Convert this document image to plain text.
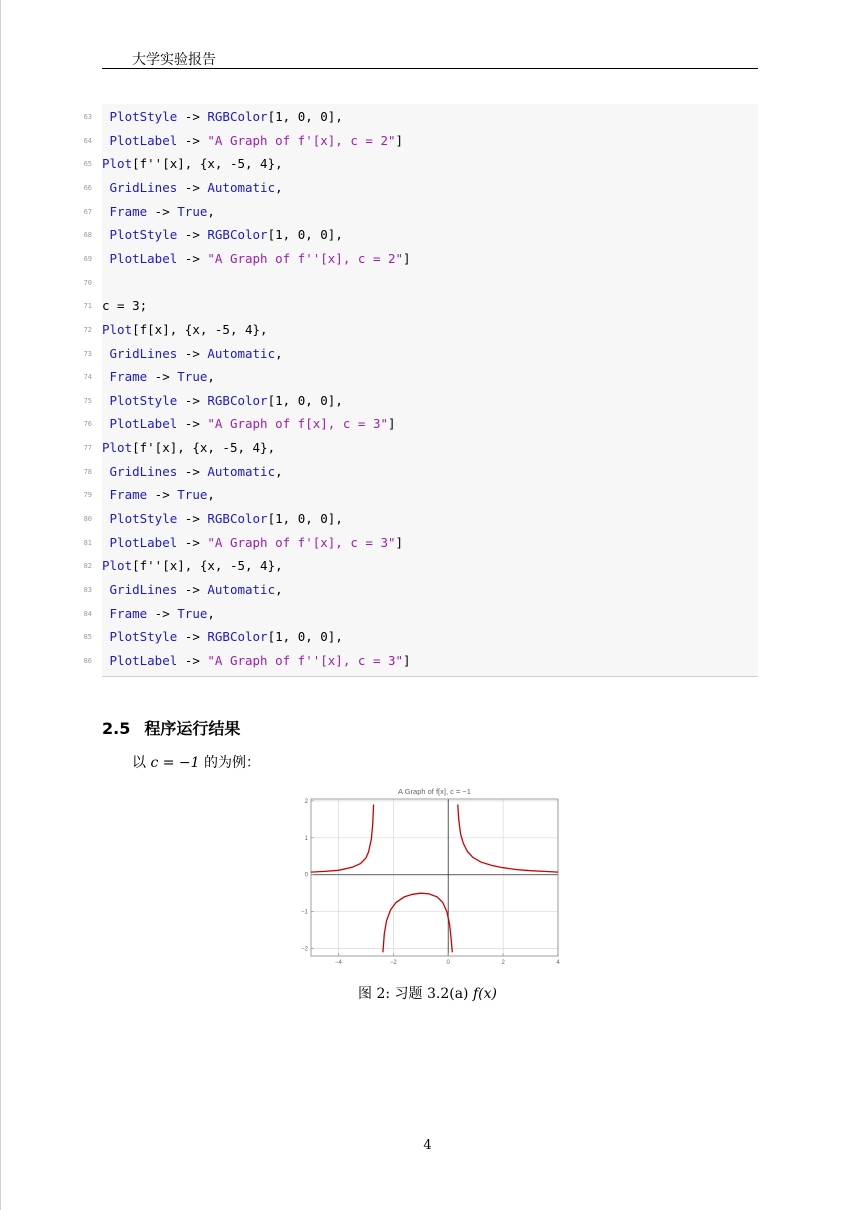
大学实验报告
63 PlotStyle -> RGBColor[1, 0, 0],
64 PlotLabel -> "A Graph of f'[x], c = 2"]
65 Plot[f''[x], {x, -5, 4},
66 GridLines -> Automatic,
67 Frame -> True,
68 PlotStyle -> RGBColor[1, 0, 0],
69 PlotLabel -> "A Graph of f''[x], c = 2"]
70
71 c = 3;
72 Plot[f[x], {x, -5, 4},
73 GridLines -> Automatic,
74 Frame -> True,
75 PlotStyle -> RGBColor[1, 0, 0],
76 PlotLabel -> "A Graph of f[x], c = 3"]
77 Plot[f'[x], {x, -5, 4},
78 GridLines -> Automatic,
79 Frame -> True,
80 PlotStyle -> RGBColor[1, 0, 0],
81 PlotLabel -> "A Graph of f'[x], c = 3"]
82 Plot[f''[x], {x, -5, 4},
83 GridLines -> Automatic,
84 Frame -> True,
85 PlotStyle -> RGBColor[1, 0, 0],
86 PlotLabel -> "A Graph of f''[x], c = 3"]
2.5 程序运行结果
以 c = −1 的为例：
A Graph of f[x], c = −1
−4	−2	0	2	4
−2
−1
0
1
2
图 2: 习题 3.2(a) f(x)
4
